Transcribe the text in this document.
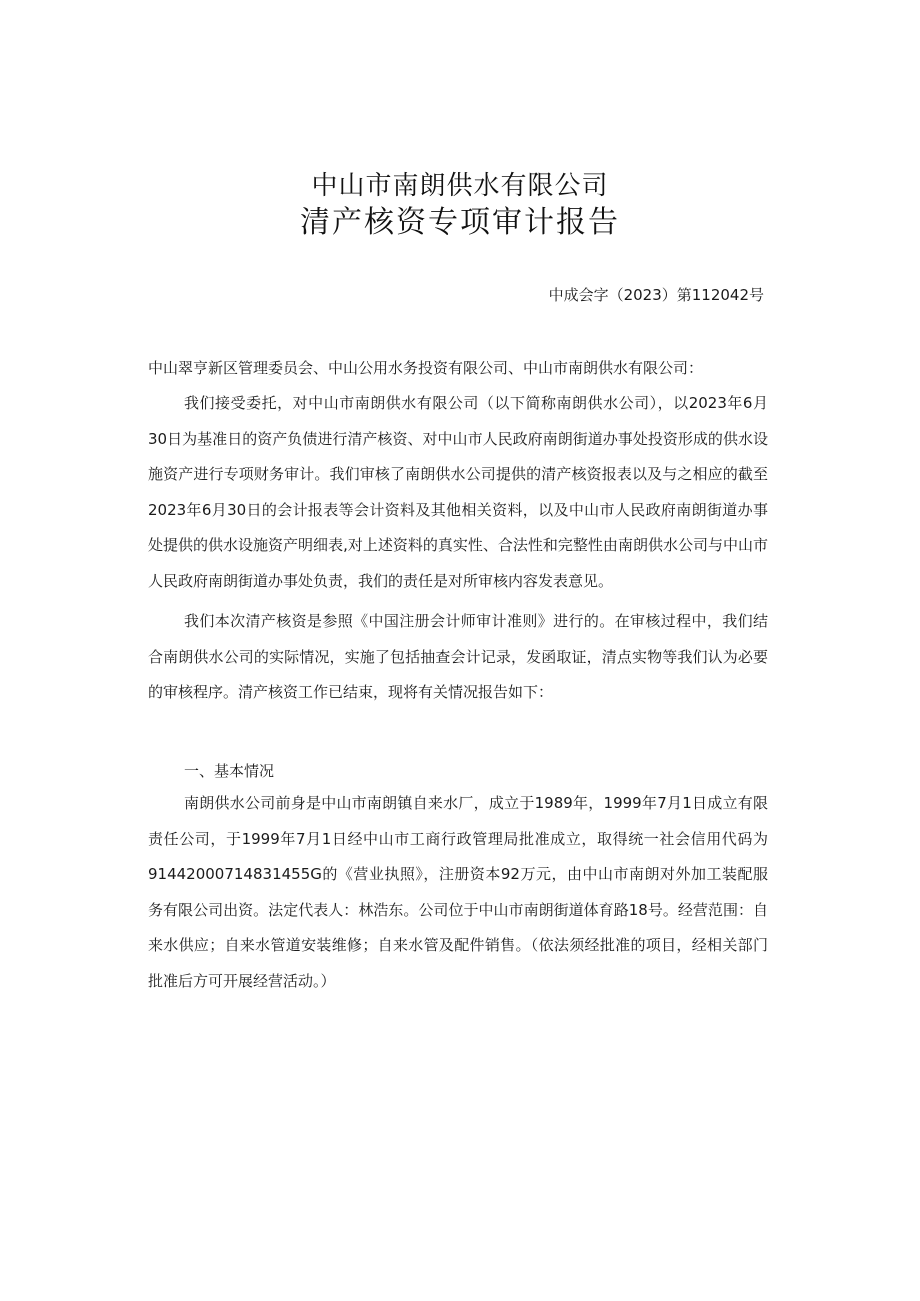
中山市南朗供水有限公司
清产核资专项审计报告
中成会字（2023）第112042号

中山翠亨新区管理委员会、中山公用水务投资有限公司、中山市南朗供水有限公司：

我们接受委托，对中山市南朗供水有限公司（以下简称南朗供水公司），以2023年6月30日为基准日的资产负债进行清产核资、对中山市人民政府南朗街道办事处投资形成的供水设施资产进行专项财务审计。我们审核了南朗供水公司提供的清产核资报表以及与之相应的截至2023年6月30日的会计报表等会计资料及其他相关资料，以及中山市人民政府南朗街道办事处提供的供水设施资产明细表,对上述资料的真实性、合法性和完整性由南朗供水公司与中山市人民政府南朗街道办事处负责，我们的责任是对所审核内容发表意见。

我们本次清产核资是参照《中国注册会计师审计准则》进行的。在审核过程中，我们结合南朗供水公司的实际情况，实施了包括抽查会计记录，发函取证，清点实物等我们认为必要的审核程序。清产核资工作已结束，现将有关情况报告如下：

一、基本情况

南朗供水公司前身是中山市南朗镇自来水厂，成立于1989年，1999年7月1日成立有限责任公司，于1999年7月1日经中山市工商行政管理局批准成立，取得统一社会信用代码为91442000714831455G的《营业执照》，注册资本92万元，由中山市南朗对外加工装配服务有限公司出资。法定代表人：林浩东。公司位于中山市南朗街道体育路18号。经营范围：自来水供应；自来水管道安装维修；自来水管及配件销售。（依法须经批准的项目，经相关部门批准后方可开展经营活动。）
